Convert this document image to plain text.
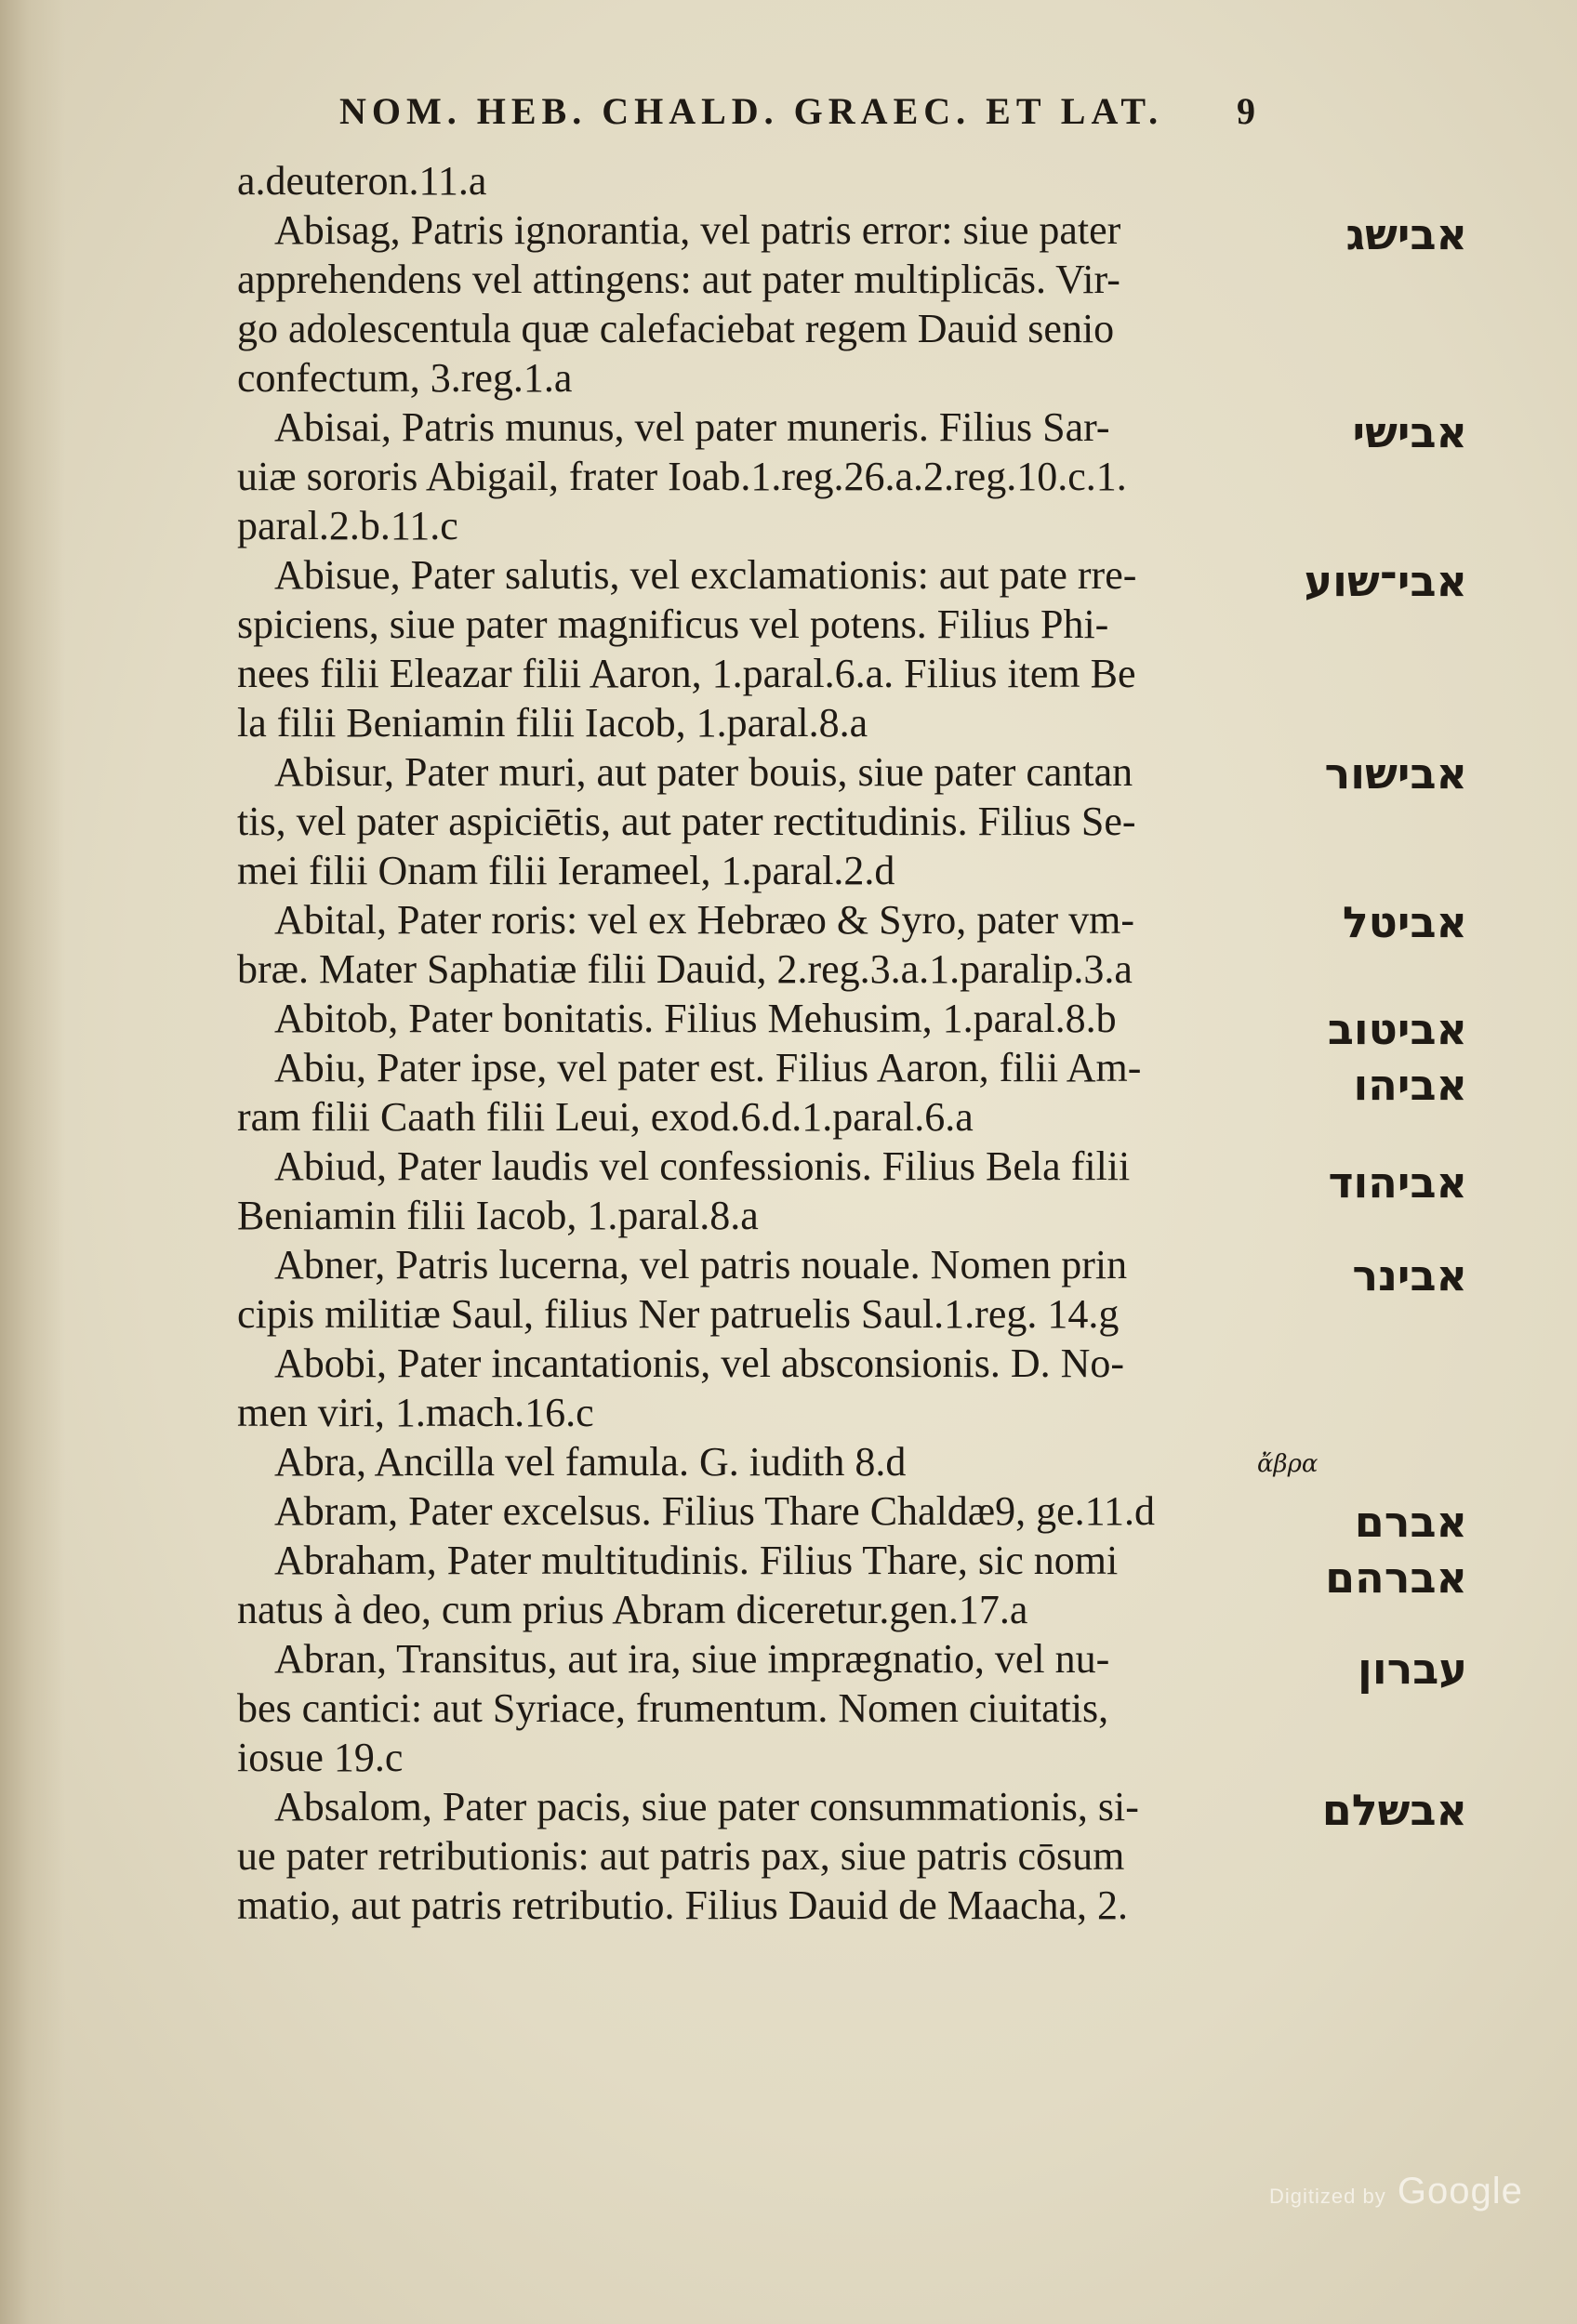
NOM. HEB. CHALD. GRAEC. ET LAT. 9

a.deuteron.11.a

Abisag, Patris ignorantia, vel patris error: siue pater

apprehendens vel attingens: aut pater multiplicās. Vir-

go adolescentula quæ calefaciebat regem Dauid senio

confectum, 3.reg.1.a

Abisai, Patris munus, vel pater muneris. Filius Sar-

uiæ sororis Abigail, frater Ioab.1.reg.26.a.2.reg.10.c.1.

paral.2.b.11.c

Abisue, Pater salutis, vel exclamationis: aut pate rre-

spiciens, siue pater magnificus vel potens. Filius Phi-

nees filii Eleazar filii Aaron, 1.paral.6.a. Filius item Be

la filii Beniamin filii Iacob, 1.paral.8.a

Abisur, Pater muri, aut pater bouis, siue pater cantan

tis, vel pater aspiciētis, aut pater rectitudinis. Filius Se-

mei filii Onam filii Ierameel, 1.paral.2.d

Abital, Pater roris: vel ex Hebræo & Syro, pater vm-

bræ. Mater Saphatiæ filii Dauid, 2.reg.3.a.1.paralip.3.a

Abitob, Pater bonitatis. Filius Mehusim, 1.paral.8.b

Abiu, Pater ipse, vel pater est. Filius Aaron, filii Am-

ram filii Caath filii Leui, exod.6.d.1.paral.6.a

Abiud, Pater laudis vel confessionis. Filius Bela filii

Beniamin filii Iacob, 1.paral.8.a

Abner, Patris lucerna, vel patris nouale. Nomen prin

cipis militiæ Saul, filius Ner patruelis Saul.1.reg. 14.g

Abobi, Pater incantationis, vel absconsionis. D. No-

men viri, 1.mach.16.c

Abra, Ancilla vel famula. G. iudith 8.d

Abram, Pater excelsus. Filius Thare Chaldæ9, ge.11.d

Abraham, Pater multitudinis. Filius Thare, sic nomi

natus à deo, cum prius Abram diceretur.gen.17.a

Abran, Transitus, aut ira, siue imprægnatio, vel nu-

bes cantici: aut Syriace, frumentum. Nomen ciuitatis,

iosue 19.c

Absalom, Pater pacis, siue pater consummationis, si-

ue pater retributionis: aut patris pax, siue patris cōsum

matio, aut patris retributio. Filius Dauid de Maacha, 2.

אבישג
אבישי
אבי־שוע
אבישור
אביטל
אביטוב
אביהו
אביהוד
אבינר
אברם
אברהם
עברון
אבשלם
ἄβρα
Digitized by Google
